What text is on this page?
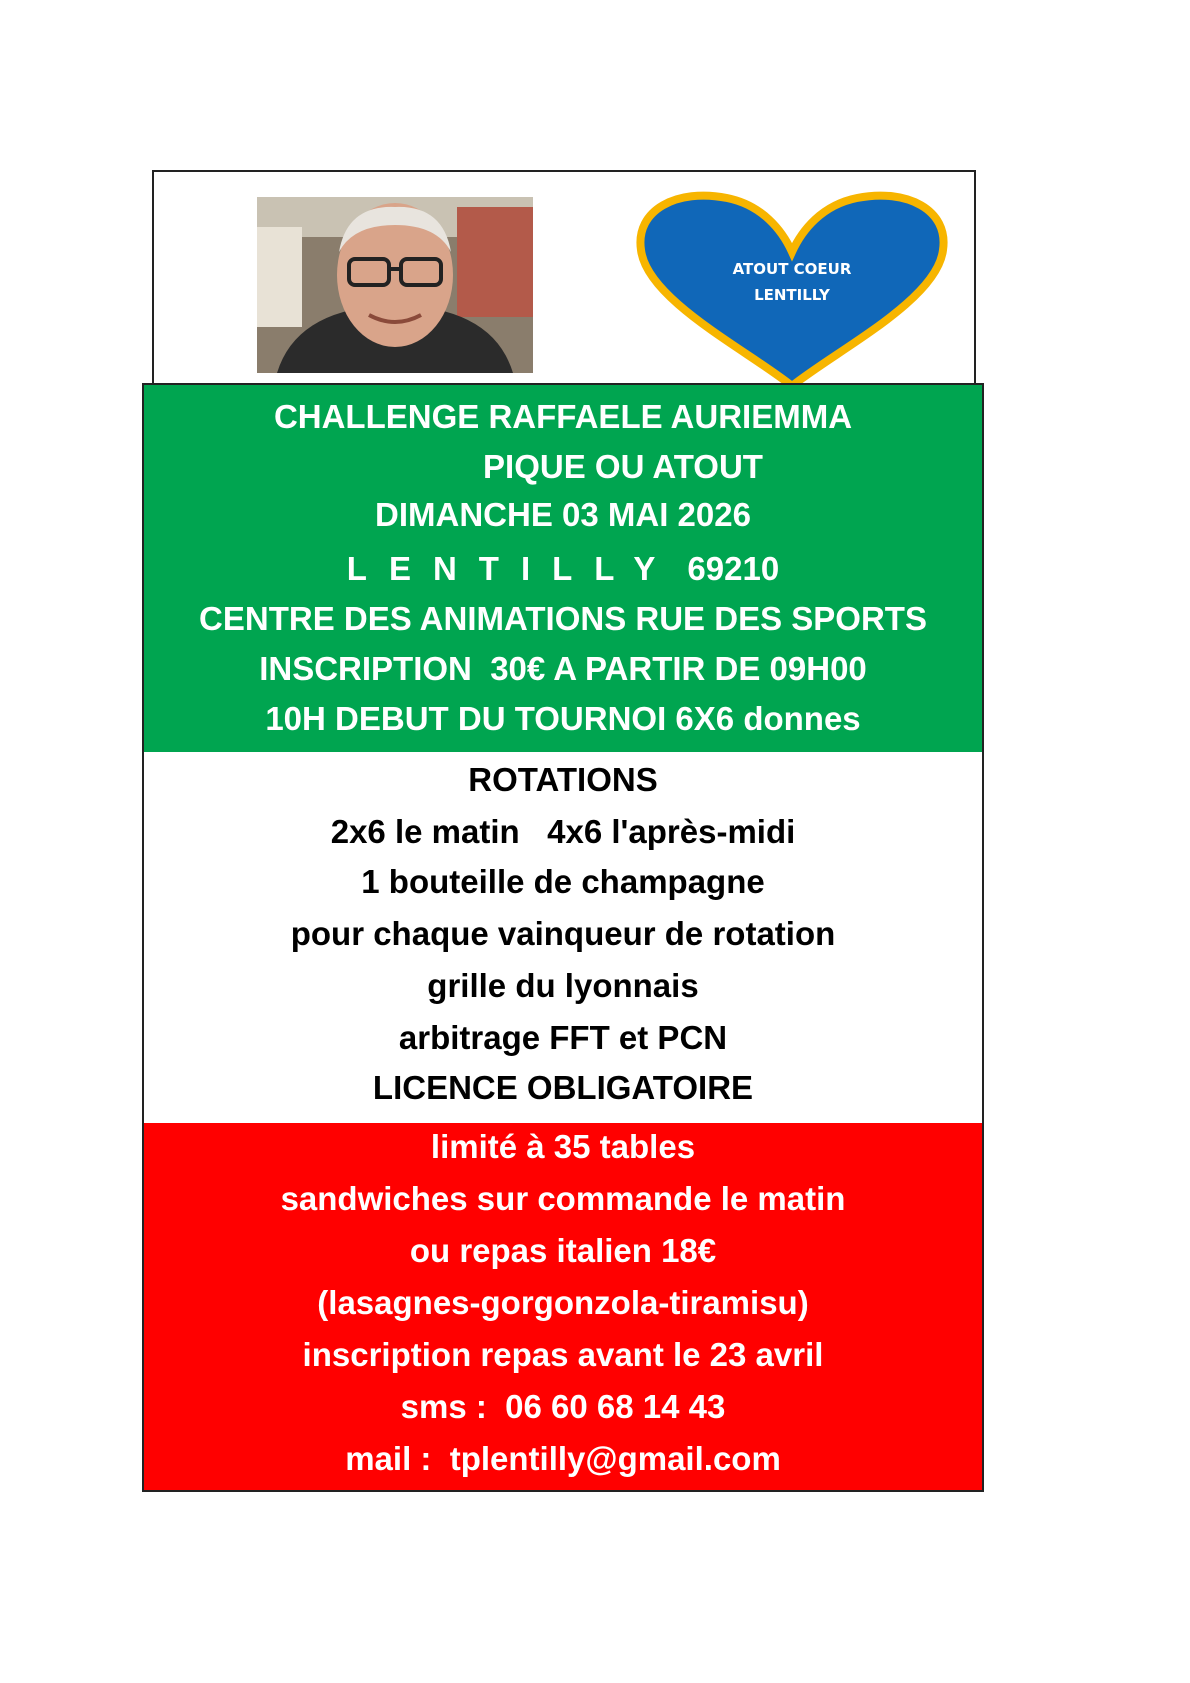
ATOUT COEUR
LENTILLY
CHALLENGE RAFFAELE AURIEMMA
PIQUE OU ATOUT
DIMANCHE 03 MAI 2026
LENTILLY 69210
CENTRE DES ANIMATIONS RUE DES SPORTS
INSCRIPTION  30€ A PARTIR DE 09H00
10H DEBUT DU TOURNOI 6X6 donnes
ROTATIONS
2x6 le matin   4x6 l'après-midi
1 bouteille de champagne
pour chaque vainqueur de rotation
grille du lyonnais
arbitrage FFT et PCN
LICENCE OBLIGATOIRE
limité à 35 tables
sandwiches sur commande le matin
ou repas italien 18€
(lasagnes-gorgonzola-tiramisu)
inscription repas avant le 23 avril
sms :  06 60 68 14 43
mail :  tplentilly@gmail.com
